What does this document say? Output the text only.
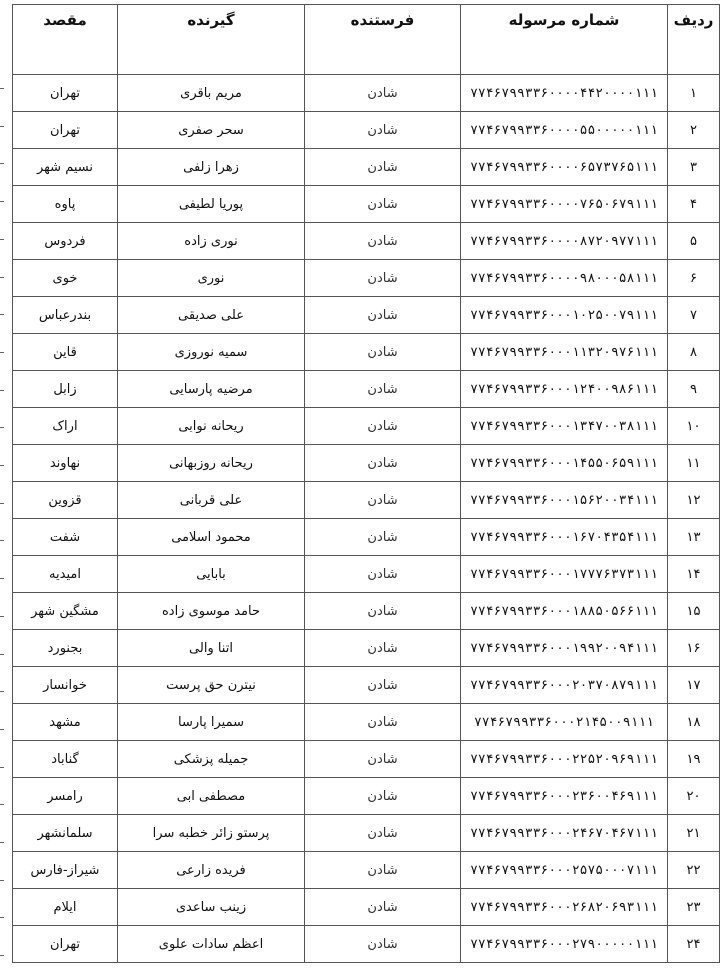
ردیف	شماره مرسوله	فرستنده	گیرنده	مقصد
۱	۷۷۴۶۷۹۹۳۳۶۰۰۰۰۴۴۲۰۰۰۰۱۱۱	شادن	مریم باقری	تهران
۲	۷۷۴۶۷۹۹۳۳۶۰۰۰۰۵۵۰۰۰۰۰۱۱۱	شادن	سحر صفری	تهران
۳	۷۷۴۶۷۹۹۳۳۶۰۰۰۰۶۵۷۳۷۶۵۱۱۱	شادن	زهرا زلفی	نسیم شهر
۴	۷۷۴۶۷۹۹۳۳۶۰۰۰۰۷۶۵۰۶۷۹۱۱۱	شادن	پوریا لطیفی	پاوه
۵	۷۷۴۶۷۹۹۳۳۶۰۰۰۰۸۷۲۰۹۷۷۱۱۱	شادن	نوری زاده	فردوس
۶	۷۷۴۶۷۹۹۳۳۶۰۰۰۰۹۸۰۰۰۵۸۱۱۱	شادن	نوری	خوی
۷	۷۷۴۶۷۹۹۳۳۶۰۰۰۱۰۲۵۰۰۷۹۱۱۱	شادن	علی صدیقی	بندرعباس
۸	۷۷۴۶۷۹۹۳۳۶۰۰۰۱۱۳۲۰۹۷۶۱۱۱	شادن	سمیه نوروزی	قاین
۹	۷۷۴۶۷۹۹۳۳۶۰۰۰۱۲۴۰۰۹۸۶۱۱۱	شادن	مرضیه پارسایی	زابل
۱۰	۷۷۴۶۷۹۹۳۳۶۰۰۰۱۳۴۷۰۰۳۸۱۱۱	شادن	ریحانه نوابی	اراک
۱۱	۷۷۴۶۷۹۹۳۳۶۰۰۰۱۴۵۵۰۶۵۹۱۱۱	شادن	ریحانه روزبهانی	نهاوند
۱۲	۷۷۴۶۷۹۹۳۳۶۰۰۰۱۵۶۲۰۰۳۴۱۱۱	شادن	علی قربانی	قزوین
۱۳	۷۷۴۶۷۹۹۳۳۶۰۰۰۱۶۷۰۴۳۵۴۱۱۱	شادن	محمود اسلامی	شفت
۱۴	۷۷۴۶۷۹۹۳۳۶۰۰۰۱۷۷۷۶۳۷۳۱۱۱	شادن	بابایی	امیدیه
۱۵	۷۷۴۶۷۹۹۳۳۶۰۰۰۱۸۸۵۰۵۶۶۱۱۱	شادن	حامد موسوی زاده	مشگین شهر
۱۶	۷۷۴۶۷۹۹۳۳۶۰۰۰۱۹۹۲۰۰۹۴۱۱۱	شادن	اتنا والی	بجنورد
۱۷	۷۷۴۶۷۹۹۳۳۶۰۰۰۲۰۳۷۰۸۷۹۱۱۱	شادن	نیترن حق پرست	خوانسار
۱۸	۷۷۴۶۷۹۹۳۳۶۰۰۰۲۱۴۵۰۰۹۱۱۱	شادن	سمیرا پارسا	مشهد
۱۹	۷۷۴۶۷۹۹۳۳۶۰۰۰۲۲۵۲۰۹۶۹۱۱۱	شادن	جمیله پزشکی	گناباد
۲۰	۷۷۴۶۷۹۹۳۳۶۰۰۰۲۳۶۰۰۴۶۹۱۱۱	شادن	مصطفی ابی	رامسر
۲۱	۷۷۴۶۷۹۹۳۳۶۰۰۰۲۴۶۷۰۴۶۷۱۱۱	شادن	پرستو زائر خطبه سرا	سلمانشهر
۲۲	۷۷۴۶۷۹۹۳۳۶۰۰۰۲۵۷۵۰۰۰۷۱۱۱	شادن	فریده زارعی	شیراز-فارس
۲۳	۷۷۴۶۷۹۹۳۳۶۰۰۰۲۶۸۲۰۶۹۳۱۱۱	شادن	زینب ساعدی	ایلام
۲۴	۷۷۴۶۷۹۹۳۳۶۰۰۰۲۷۹۰۰۰۰۰۱۱۱	شادن	اعظم سادات علوی	تهران
